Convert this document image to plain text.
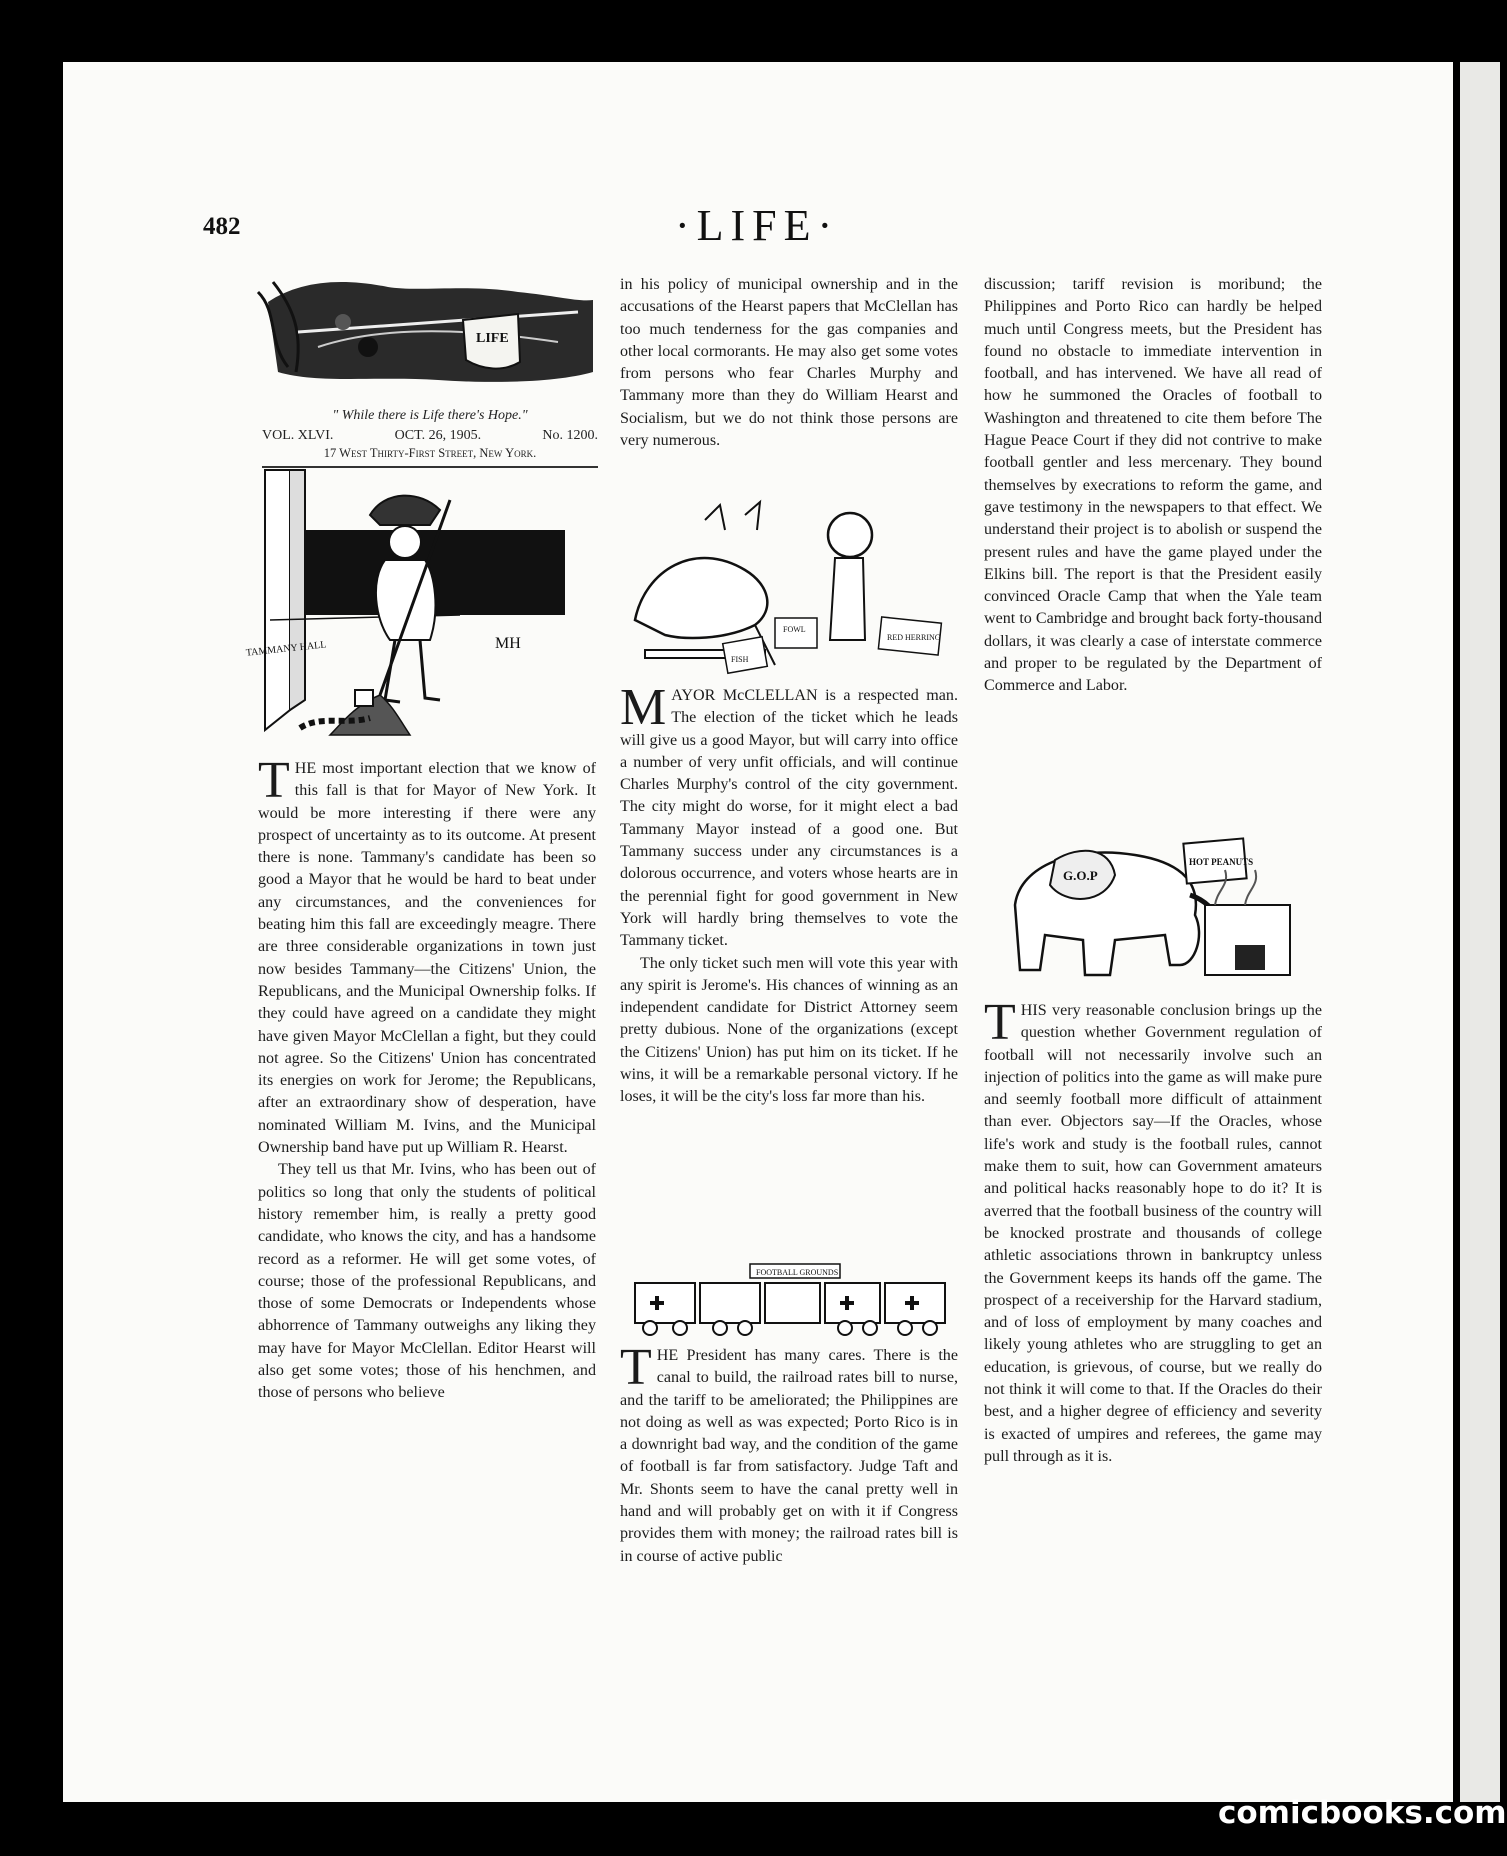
482	·LIFE·
LIFE
" While there is Life there's Hope."
VOL. XLVI.	OCT. 26, 1905.	No. 1200.
17 West Thirty-First Street, New York.
TAMMANY HALL	MH

THE most important election that we know of this fall is that for Mayor of New York. It would be more interesting if there were any prospect of uncertainty as to its outcome. At present there is none. Tammany's candidate has been so good a Mayor that he would be hard to beat under any circumstances, and the conveniences for beating him this fall are exceedingly meagre. There are three considerable organizations in town just now besides Tammany—the Citizens' Union, the Republicans, and the Municipal Ownership folks. If they could have agreed on a candidate they might have given Mayor McClellan a fight, but they could not agree. So the Citizens' Union has concentrated its energies on work for Jerome; the Republicans, after an extraordinary show of desperation, have nominated William M. Ivins, and the Municipal Ownership band have put up William R. Hearst.

They tell us that Mr. Ivins, who has been out of politics so long that only the students of political history remember him, is really a pretty good candidate, who knows the city, and has a handsome record as a reformer. He will get some votes, of course; those of the professional Republicans, and those of some Democrats or Independents whose abhorrence of Tammany outweighs any liking they may have for Mayor McClellan. Editor Hearst will also get some votes; those of his henchmen, and those of persons who believe

in his policy of municipal ownership and in the accusations of the Hearst papers that McClellan has too much tenderness for the gas companies and other local cormorants. He may also get some votes from persons who fear Charles Murphy and Tammany more than they do William Hearst and Socialism, but we do not think those persons are very numerous.

FISH
FOWL
RED HERRING

MAYOR McCLELLAN is a respected man. The election of the ticket which he leads will give us a good Mayor, but will carry into office a number of very unfit officials, and will continue Charles Murphy's control of the city government. The city might do worse, for it might elect a bad Tammany Mayor instead of a good one. But Tammany success under any circumstances is a dolorous occurrence, and voters whose hearts are in the perennial fight for good government in New York will hardly bring themselves to vote the Tammany ticket.

The only ticket such men will vote this year with any spirit is Jerome's. His chances of winning as an independent candidate for District Attorney seem pretty dubious. None of the organizations (except the Citizens' Union) has put him on its ticket. If he wins, it will be a remarkable personal victory. If he loses, it will be the city's loss far more than his.

FOOTBALL GROUNDS

THE President has many cares. There is the canal to build, the railroad rates bill to nurse, and the tariff to be ameliorated; the Philippines are not doing as well as was expected; Porto Rico is in a downright bad way, and the condition of the game of football is far from satisfactory. Judge Taft and Mr. Shonts seem to have the canal pretty well in hand and will probably get on with it if Congress provides them with money; the railroad rates bill is in course of active public

discussion; tariff revision is moribund; the Philippines and Porto Rico can hardly be helped much until Congress meets, but the President has found no obstacle to immediate intervention in football, and has intervened. We have all read of how he summoned the Oracles of football to Washington and threatened to cite them before The Hague Peace Court if they did not contrive to make football gentler and less mercenary. They bound themselves by execrations to reform the game, and gave testimony in the newspapers to that effect. We understand their project is to abolish or suspend the present rules and have the game played under the Elkins bill. The report is that the President easily convinced Oracle Camp that when the Yale team went to Cambridge and brought back forty-thousand dollars, it was clearly a case of interstate commerce and proper to be regulated by the Department of Commerce and Labor.

G.O.P
HOT PEANUTS

THIS very reasonable conclusion brings up the question whether Government regulation of football will not necessarily involve such an injection of politics into the game as will make pure and seemly football more difficult of attainment than ever. Objectors say—If the Oracles, whose life's work and study is the football rules, cannot make them to suit, how can Government amateurs and political hacks reasonably hope to do it? It is averred that the football business of the country will be knocked prostrate and thousands of college athletic associations thrown in bankruptcy unless the Government keeps its hands off the game. The prospect of a receivership for the Harvard stadium, and of loss of employment by many coaches and likely young athletes who are struggling to get an education, is grievous, of course, but we really do not think it will come to that. If the Oracles do their best, and a higher degree of efficiency and severity is exacted of umpires and referees, the game may pull through as it is.

comicbooks.com
